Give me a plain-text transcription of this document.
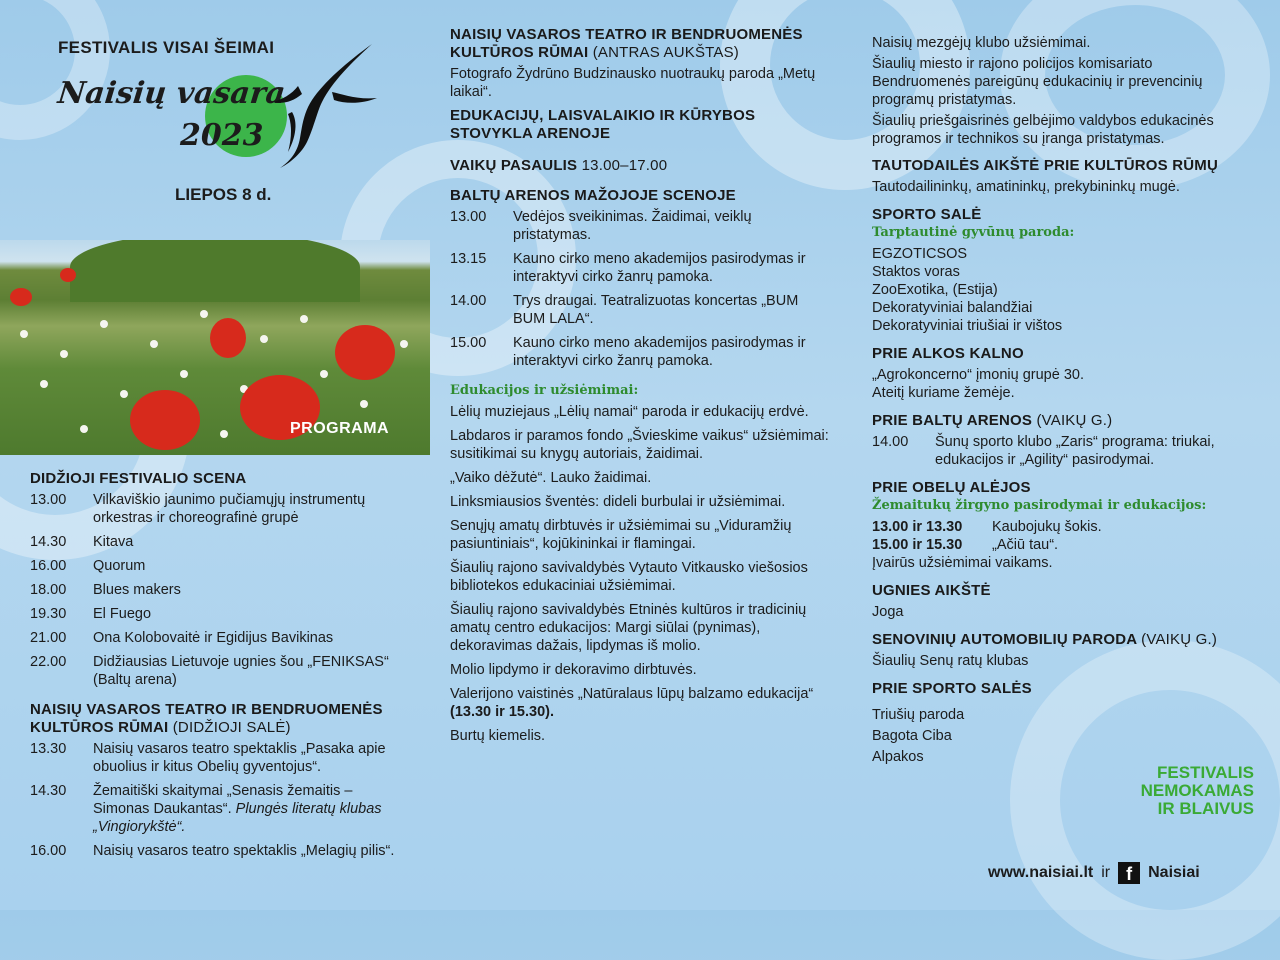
FESTIVALIS VISAI ŠEIMAI
Naisių vasara
2023
LIEPOS 8 d.
PROGRAMA
DIDŽIOJI FESTIVALIO SCENA
13.00	Vilkaviškio jaunimo pučiamųjų instrumentų orkestras ir choreografinė grupė
14.30	Kitava
16.00	Quorum
18.00	Blues makers
19.30	El Fuego
21.00	Ona Kolobovaitė ir Egidijus Bavikinas
22.00	Didžiausias Lietuvoje ugnies šou „FENIKSAS“ (Baltų arena)
NAISIŲ VASAROS TEATRO IR BENDRUOMENĖS KULTŪROS RŪMAI (DIDŽIOJI SALĖ)
13.30	Naisių vasaros teatro spektaklis „Pasaka apie obuolius ir kitus Obelių gyventojus“.
14.30	Žemaitiški skaitymai „Senasis žemaitis – Simonas Daukantas“. Plungės literatų klubas „Vingiorykštė“.
16.00	Naisių vasaros teatro spektaklis „Melagių pilis“.
NAISIŲ VASAROS TEATRO IR BENDRUOMENĖS KULTŪROS RŪMAI (ANTRAS AUKŠTAS)

Fotografo Žydrūno Budzinausko nuotraukų paroda „Metų laikai“.

EDUKACIJŲ, LAISVALAIKIO IR KŪRYBOS STOVYKLA ARENOJE
VAIKŲ PASAULIS 13.00–17.00
BALTŲ ARENOS MAŽOJOJE SCENOJE
13.00	Vedėjos sveikinimas. Žaidimai, veiklų pristatymas.
13.15	Kauno cirko meno akademijos pasirodymas ir interaktyvi cirko žanrų pamoka.
14.00	Trys draugai. Teatralizuotas koncertas „BUM BUM LALA“.
15.00	Kauno cirko meno akademijos pasirodymas ir interaktyvi cirko žanrų pamoka.
Edukacijos ir užsiėmimai:

Lėlių muziejaus „Lėlių namai“ paroda ir edukacijų erdvė.

Labdaros ir paramos fondo „Švieskime vaikus“ užsiėmimai: susitikimai su knygų autoriais, žaidimai.

„Vaiko dėžutė“. Lauko žaidimai.

Linksmiausios šventės: dideli burbulai ir užsiėmimai.

Senųjų amatų dirbtuvės ir užsiėmimai su „Viduramžių pasiuntiniais“, kojūkininkai ir flamingai.

Šiaulių rajono savivaldybės Vytauto Vitkausko viešosios bibliotekos edukaciniai užsiėmimai.

Šiaulių rajono savivaldybės Etninės kultūros ir tradicinių amatų centro edukacijos: Margi siūlai (pynimas), dekoravimas dažais, lipdymas iš molio.

Molio lipdymo ir dekoravimo dirbtuvės.

Valerijono vaistinės „Natūralaus lūpų balzamo edukacija“ (13.30 ir 15.30).

Burtų kiemelis.

Naisių mezgėjų klubo užsiėmimai.

Šiaulių miesto ir rajono policijos komisariato Bendruomenės pareigūnų edukacinių ir prevencinių programų pristatymas.

Šiaulių priešgaisrinės gelbėjimo valdybos edukacinės programos ir technikos su įranga pristatymas.

TAUTODAILĖS AIKŠTĖ PRIE KULTŪROS RŪMŲ

Tautodailininkų, amatininkų, prekybininkų mugė.

SPORTO SALĖ
Tarptautinė gyvūnų paroda:

EGZOTICSOS

Staktos voras

ZooExotika, (Estija)

Dekoratyviniai balandžiai

Dekoratyviniai triušiai ir vištos

PRIE ALKOS KALNO

„Agrokoncerno“ įmonių grupė 30.

Ateitį kuriame žemėje.

PRIE BALTŲ ARENOS (VAIKŲ G.)
14.00	Šunų sporto klubo „Zaris“ programa: triukai, edukacijos ir „Agility“ pasirodymai.
PRIE OBELŲ ALĖJOS
Žemaitukų žirgyno pasirodymai ir edukacijos:
13.00 ir 13.30	Kaubojukų šokis.
15.00 ir 15.30	„Ačiū tau“.

Įvairūs užsiėmimai vaikams.

UGNIES AIKŠTĖ

Joga

SENOVINIŲ AUTOMOBILIŲ PARODA (VAIKŲ G.)

Šiaulių Senų ratų klubas

PRIE SPORTO SALĖS

Triušių paroda

Bagota Ciba

Alpakos

FESTIVALIS
NEMOKAMAS
IR BLAIVUS
www.naisiai.lt ir f	Naisiai
